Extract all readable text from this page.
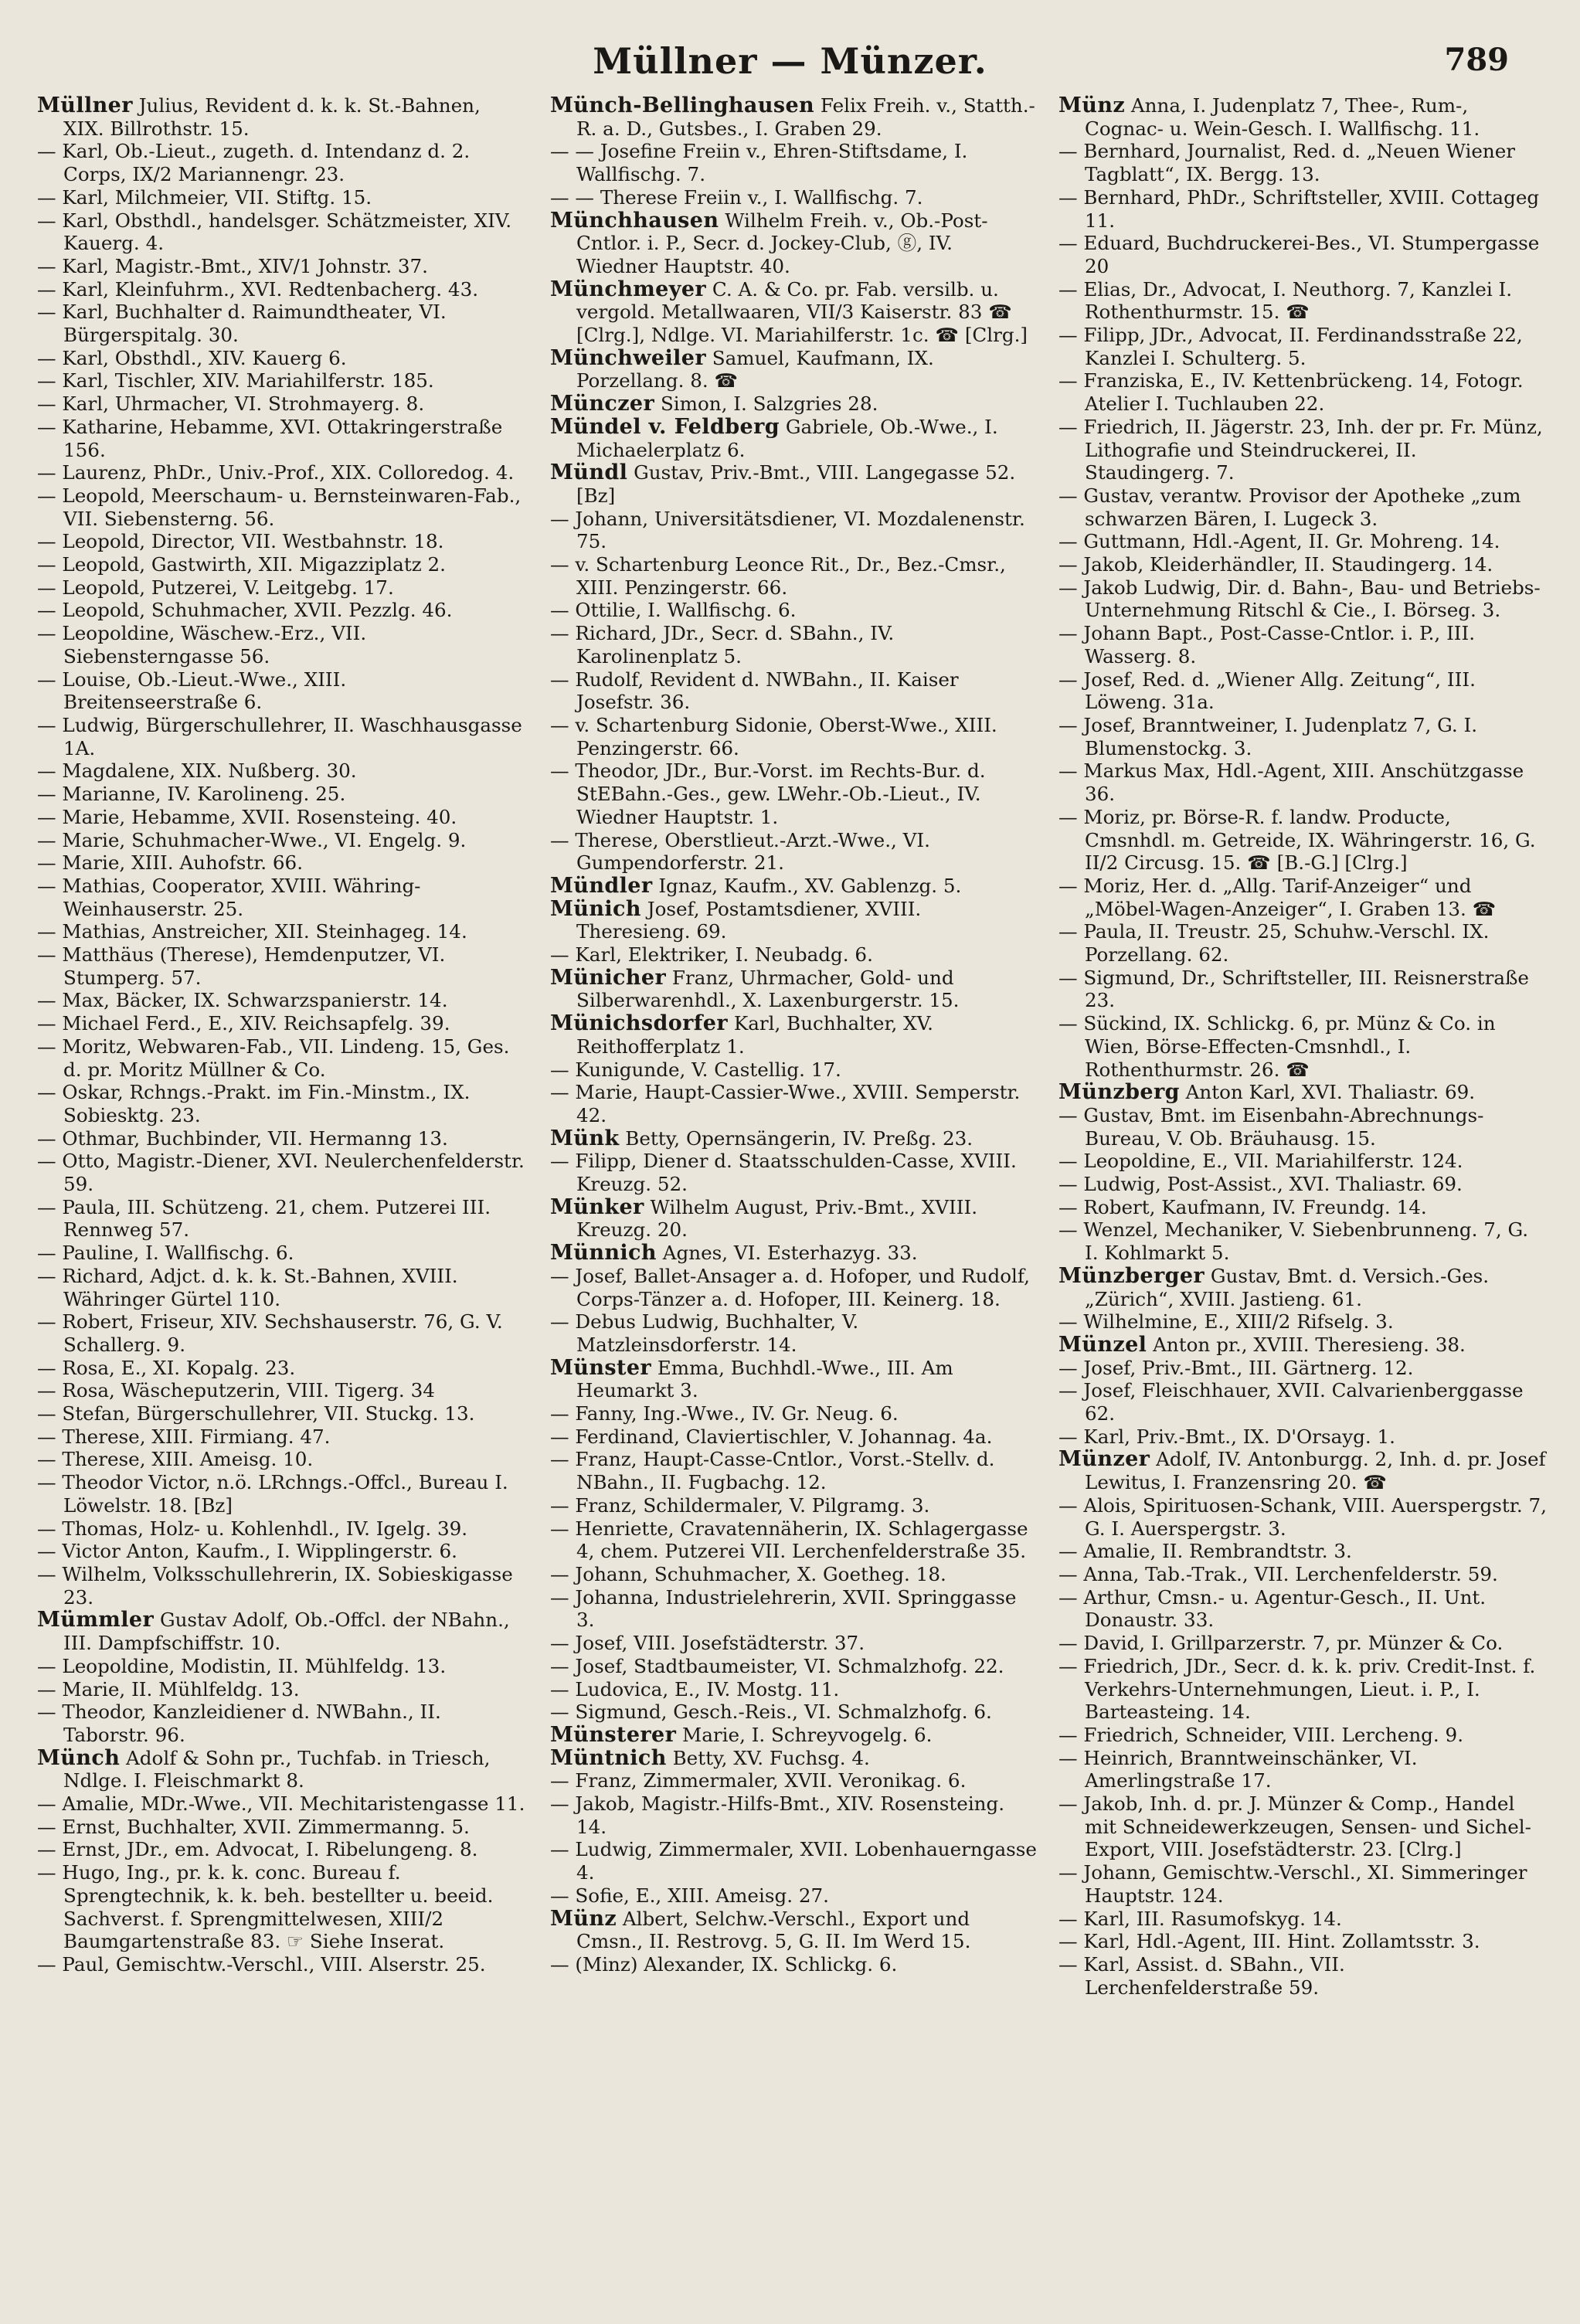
Müllner — Münzer.	789
Müllner Julius, Revident d. k. k. St.-Bahnen, XIX. Billrothstr. 15.
— Karl, Ob.-Lieut., zugeth. d. Intendanz d. 2. Corps, IX/2 Mariannengr. 23.
— Karl, Milchmeier, VII. Stiftg. 15.
— Karl, Obsthdl., handelsger. Schätzmeister, XIV. Kauerg. 4.
— Karl, Magistr.-Bmt., XIV/1 Johnstr. 37.
— Karl, Kleinfuhrm., XVI. Redtenbacherg. 43.
— Karl, Buchhalter d. Raimundtheater, VI. Bürgerspitalg. 30.
— Karl, Obsthdl., XIV. Kauerg 6.
— Karl, Tischler, XIV. Mariahilferstr. 185.
— Karl, Uhrmacher, VI. Strohmayerg. 8.
— Katharine, Hebamme, XVI. Ottakringerstraße 156.
— Laurenz, PhDr., Univ.-Prof., XIX. Colloredog. 4.
— Leopold, Meerschaum- u. Bernsteinwaren-Fab., VII. Siebensterng. 56.
— Leopold, Director, VII. Westbahnstr. 18.
— Leopold, Gastwirth, XII. Migazziplatz 2.
— Leopold, Putzerei, V. Leitgebg. 17.
— Leopold, Schuhmacher, XVII. Pezzlg. 46.
— Leopoldine, Wäschew.-Erz., VII. Siebensterngasse 56.
— Louise, Ob.-Lieut.-Wwe., XIII. Breitenseerstraße 6.
— Ludwig, Bürgerschullehrer, II. Waschhausgasse 1A.
— Magdalene, XIX. Nußberg. 30.
— Marianne, IV. Karolineng. 25.
— Marie, Hebamme, XVII. Rosensteing. 40.
— Marie, Schuhmacher-Wwe., VI. Engelg. 9.
— Marie, XIII. Auhofstr. 66.
— Mathias, Cooperator, XVIII. Währing-Weinhauserstr. 25.
— Mathias, Anstreicher, XII. Steinhageg. 14.
— Matthäus (Therese), Hemdenputzer, VI. Stumperg. 57.
— Max, Bäcker, IX. Schwarzspanierstr. 14.
— Michael Ferd., E., XIV. Reichsapfelg. 39.
— Moritz, Webwaren-Fab., VII. Lindeng. 15, Ges. d. pr. Moritz Müllner & Co.
— Oskar, Rchngs.-Prakt. im Fin.-Minstm., IX. Sobiesktg. 23.
— Othmar, Buchbinder, VII. Hermanng 13.
— Otto, Magistr.-Diener, XVI. Neulerchenfelderstr. 59.
— Paula, III. Schützeng. 21, chem. Putzerei III. Rennweg 57.
— Pauline, I. Wallfischg. 6.
— Richard, Adjct. d. k. k. St.-Bahnen, XVIII. Währinger Gürtel 110.
— Robert, Friseur, XIV. Sechshauserstr. 76, G. V. Schallerg. 9.
— Rosa, E., XI. Kopalg. 23.
— Rosa, Wäscheputzerin, VIII. Tigerg. 34
— Stefan, Bürgerschullehrer, VII. Stuckg. 13.
— Therese, XIII. Firmiang. 47.
— Therese, XIII. Ameisg. 10.
— Theodor Victor, n.ö. LRchngs.-Offcl., Bureau I. Löwelstr. 18. [Bz]
— Thomas, Holz- u. Kohlenhdl., IV. Igelg. 39.
— Victor Anton, Kaufm., I. Wipplingerstr. 6.
— Wilhelm, Volksschullehrerin, IX. Sobieskigasse 23.
Mümmler Gustav Adolf, Ob.-Offcl. der NBahn., III. Dampfschiffstr. 10.
— Leopoldine, Modistin, II. Mühlfeldg. 13.
— Marie, II. Mühlfeldg. 13.
— Theodor, Kanzleidiener d. NWBahn., II. Taborstr. 96.
Münch Adolf & Sohn pr., Tuchfab. in Triesch, Ndlge. I. Fleischmarkt 8.
— Amalie, MDr.-Wwe., VII. Mechitaristengasse 11.
— Ernst, Buchhalter, XVII. Zimmermanng. 5.
— Ernst, JDr., em. Advocat, I. Ribelungeng. 8.
— Hugo, Ing., pr. k. k. conc. Bureau f. Sprengtechnik, k. k. beh. bestellter u. beeid. Sachverst. f. Sprengmittelwesen, XIII/2 Baumgartenstraße 83. ☞ Siehe Inserat.
— Paul, Gemischtw.-Verschl., VIII. Alserstr. 25.
Münch-Bellinghausen Felix Freih. v., Statth.-R. a. D., Gutsbes., I. Graben 29.
— — Josefine Freiin v., Ehren-Stiftsdame, I. Wallfischg. 7.
— — Therese Freiin v., I. Wallfischg. 7.
Münchhausen Wilhelm Freih. v., Ob.-Post-Cntlor. i. P., Secr. d. Jockey-Club, ⓖ, IV. Wiedner Hauptstr. 40.
Münchmeyer C. A. & Co. pr. Fab. versilb. u. vergold. Metallwaaren, VII/3 Kaiserstr. 83 ☎ [Clrg.], Ndlge. VI. Mariahilferstr. 1c. ☎ [Clrg.]
Münchweiler Samuel, Kaufmann, IX. Porzellang. 8. ☎
Münczer Simon, I. Salzgries 28.
Mündel v. Feldberg Gabriele, Ob.-Wwe., I. Michaelerplatz 6.
Mündl Gustav, Priv.-Bmt., VIII. Langegasse 52. [Bz]
— Johann, Universitätsdiener, VI. Mozdalenenstr. 75.
— v. Schartenburg Leonce Rit., Dr., Bez.-Cmsr., XIII. Penzingerstr. 66.
— Ottilie, I. Wallfischg. 6.
— Richard, JDr., Secr. d. SBahn., IV. Karolinenplatz 5.
— Rudolf, Revident d. NWBahn., II. Kaiser Josefstr. 36.
— v. Schartenburg Sidonie, Oberst-Wwe., XIII. Penzingerstr. 66.
— Theodor, JDr., Bur.-Vorst. im Rechts-Bur. d. StEBahn.-Ges., gew. LWehr.-Ob.-Lieut., IV. Wiedner Hauptstr. 1.
— Therese, Oberstlieut.-Arzt.-Wwe., VI. Gumpendorferstr. 21.
Mündler Ignaz, Kaufm., XV. Gablenzg. 5.
Münich Josef, Postamtsdiener, XVIII. Theresieng. 69.
— Karl, Elektriker, I. Neubadg. 6.
Münicher Franz, Uhrmacher, Gold- und Silberwarenhdl., X. Laxenburgerstr. 15.
Münichsdorfer Karl, Buchhalter, XV. Reithofferplatz 1.
— Kunigunde, V. Castellig. 17.
— Marie, Haupt-Cassier-Wwe., XVIII. Semperstr. 42.
Münk Betty, Opernsängerin, IV. Preßg. 23.
— Filipp, Diener d. Staatsschulden-Casse, XVIII. Kreuzg. 52.
Münker Wilhelm August, Priv.-Bmt., XVIII. Kreuzg. 20.
Münnich Agnes, VI. Esterhazyg. 33.
— Josef, Ballet-Ansager a. d. Hofoper, und Rudolf, Corps-Tänzer a. d. Hofoper, III. Keinerg. 18.
— Debus Ludwig, Buchhalter, V. Matzleinsdorferstr. 14.
Münster Emma, Buchhdl.-Wwe., III. Am Heumarkt 3.
— Fanny, Ing.-Wwe., IV. Gr. Neug. 6.
— Ferdinand, Claviertischler, V. Johannag. 4a.
— Franz, Haupt-Casse-Cntlor., Vorst.-Stellv. d. NBahn., II. Fugbachg. 12.
— Franz, Schildermaler, V. Pilgramg. 3.
— Henriette, Cravatennäherin, IX. Schlagergasse 4, chem. Putzerei VII. Lerchenfelderstraße 35.
— Johann, Schuhmacher, X. Goetheg. 18.
— Johanna, Industrielehrerin, XVII. Springgasse 3.
— Josef, VIII. Josefstädterstr. 37.
— Josef, Stadtbaumeister, VI. Schmalzhofg. 22.
— Ludovica, E., IV. Mostg. 11.
— Sigmund, Gesch.-Reis., VI. Schmalzhofg. 6.
Münsterer Marie, I. Schreyvogelg. 6.
Müntnich Betty, XV. Fuchsg. 4.
— Franz, Zimmermaler, XVII. Veronikag. 6.
— Jakob, Magistr.-Hilfs-Bmt., XIV. Rosensteing. 14.
— Ludwig, Zimmermaler, XVII. Lobenhauerngasse 4.
— Sofie, E., XIII. Ameisg. 27.
Münz Albert, Selchw.-Verschl., Export und Cmsn., II. Restrovg. 5, G. II. Im Werd 15.
— (Minz) Alexander, IX. Schlickg. 6.
Münz Anna, I. Judenplatz 7, Thee-, Rum-, Cognac- u. Wein-Gesch. I. Wallfischg. 11.
— Bernhard, Journalist, Red. d. „Neuen Wiener Tagblatt“, IX. Bergg. 13.
— Bernhard, PhDr., Schriftsteller, XVIII. Cottageg 11.
— Eduard, Buchdruckerei-Bes., VI. Stumpergasse 20
— Elias, Dr., Advocat, I. Neuthorg. 7, Kanzlei I. Rothenthurmstr. 15. ☎
— Filipp, JDr., Advocat, II. Ferdinandsstraße 22, Kanzlei I. Schulterg. 5.
— Franziska, E., IV. Kettenbrückeng. 14, Fotogr. Atelier I. Tuchlauben 22.
— Friedrich, II. Jägerstr. 23, Inh. der pr. Fr. Münz, Lithografie und Steindruckerei, II. Staudingerg. 7.
— Gustav, verantw. Provisor der Apotheke „zum schwarzen Bären, I. Lugeck 3.
— Guttmann, Hdl.-Agent, II. Gr. Mohreng. 14.
— Jakob, Kleiderhändler, II. Staudingerg. 14.
— Jakob Ludwig, Dir. d. Bahn-, Bau- und Betriebs-Unternehmung Ritschl & Cie., I. Börseg. 3.
— Johann Bapt., Post-Casse-Cntlor. i. P., III. Wasserg. 8.
— Josef, Red. d. „Wiener Allg. Zeitung“, III. Löweng. 31a.
— Josef, Branntweiner, I. Judenplatz 7, G. I. Blumenstockg. 3.
— Markus Max, Hdl.-Agent, XIII. Anschützgasse 36.
— Moriz, pr. Börse-R. f. landw. Producte, Cmsnhdl. m. Getreide, IX. Währingerstr. 16, G. II/2 Circusg. 15. ☎ [B.-G.] [Clrg.]
— Moriz, Her. d. „Allg. Tarif-Anzeiger“ und „Möbel-Wagen-Anzeiger“, I. Graben 13. ☎
— Paula, II. Treustr. 25, Schuhw.-Verschl. IX. Porzellang. 62.
— Sigmund, Dr., Schriftsteller, III. Reisnerstraße 23.
— Sückind, IX. Schlickg. 6, pr. Münz & Co. in Wien, Börse-Effecten-Cmsnhdl., I. Rothenthurmstr. 26. ☎
Münzberg Anton Karl, XVI. Thaliastr. 69.
— Gustav, Bmt. im Eisenbahn-Abrechnungs-Bureau, V. Ob. Bräuhausg. 15.
— Leopoldine, E., VII. Mariahilferstr. 124.
— Ludwig, Post-Assist., XVI. Thaliastr. 69.
— Robert, Kaufmann, IV. Freundg. 14.
— Wenzel, Mechaniker, V. Siebenbrunneng. 7, G. I. Kohlmarkt 5.
Münzberger Gustav, Bmt. d. Versich.-Ges. „Zürich“, XVIII. Jastieng. 61.
— Wilhelmine, E., XIII/2 Rifselg. 3.
Münzel Anton pr., XVIII. Theresieng. 38.
— Josef, Priv.-Bmt., III. Gärtnerg. 12.
— Josef, Fleischhauer, XVII. Calvarienberggasse 62.
— Karl, Priv.-Bmt., IX. D'Orsayg. 1.
Münzer Adolf, IV. Antonburgg. 2, Inh. d. pr. Josef Lewitus, I. Franzensring 20. ☎
— Alois, Spirituosen-Schank, VIII. Auerspergstr. 7, G. I. Auerspergstr. 3.
— Amalie, II. Rembrandtstr. 3.
— Anna, Tab.-Trak., VII. Lerchenfelderstr. 59.
— Arthur, Cmsn.- u. Agentur-Gesch., II. Unt. Donaustr. 33.
— David, I. Grillparzerstr. 7, pr. Münzer & Co.
— Friedrich, JDr., Secr. d. k. k. priv. Credit-Inst. f. Verkehrs-Unternehmungen, Lieut. i. P., I. Barteasteing. 14.
— Friedrich, Schneider, VIII. Lercheng. 9.
— Heinrich, Branntweinschänker, VI. Amerlingstraße 17.
— Jakob, Inh. d. pr. J. Münzer & Comp., Handel mit Schneidewerkzeugen, Sensen- und Sichel-Export, VIII. Josefstädterstr. 23. [Clrg.]
— Johann, Gemischtw.-Verschl., XI. Simmeringer Hauptstr. 124.
— Karl, III. Rasumofskyg. 14.
— Karl, Hdl.-Agent, III. Hint. Zollamtsstr. 3.
— Karl, Assist. d. SBahn., VII. Lerchenfelderstraße 59.
